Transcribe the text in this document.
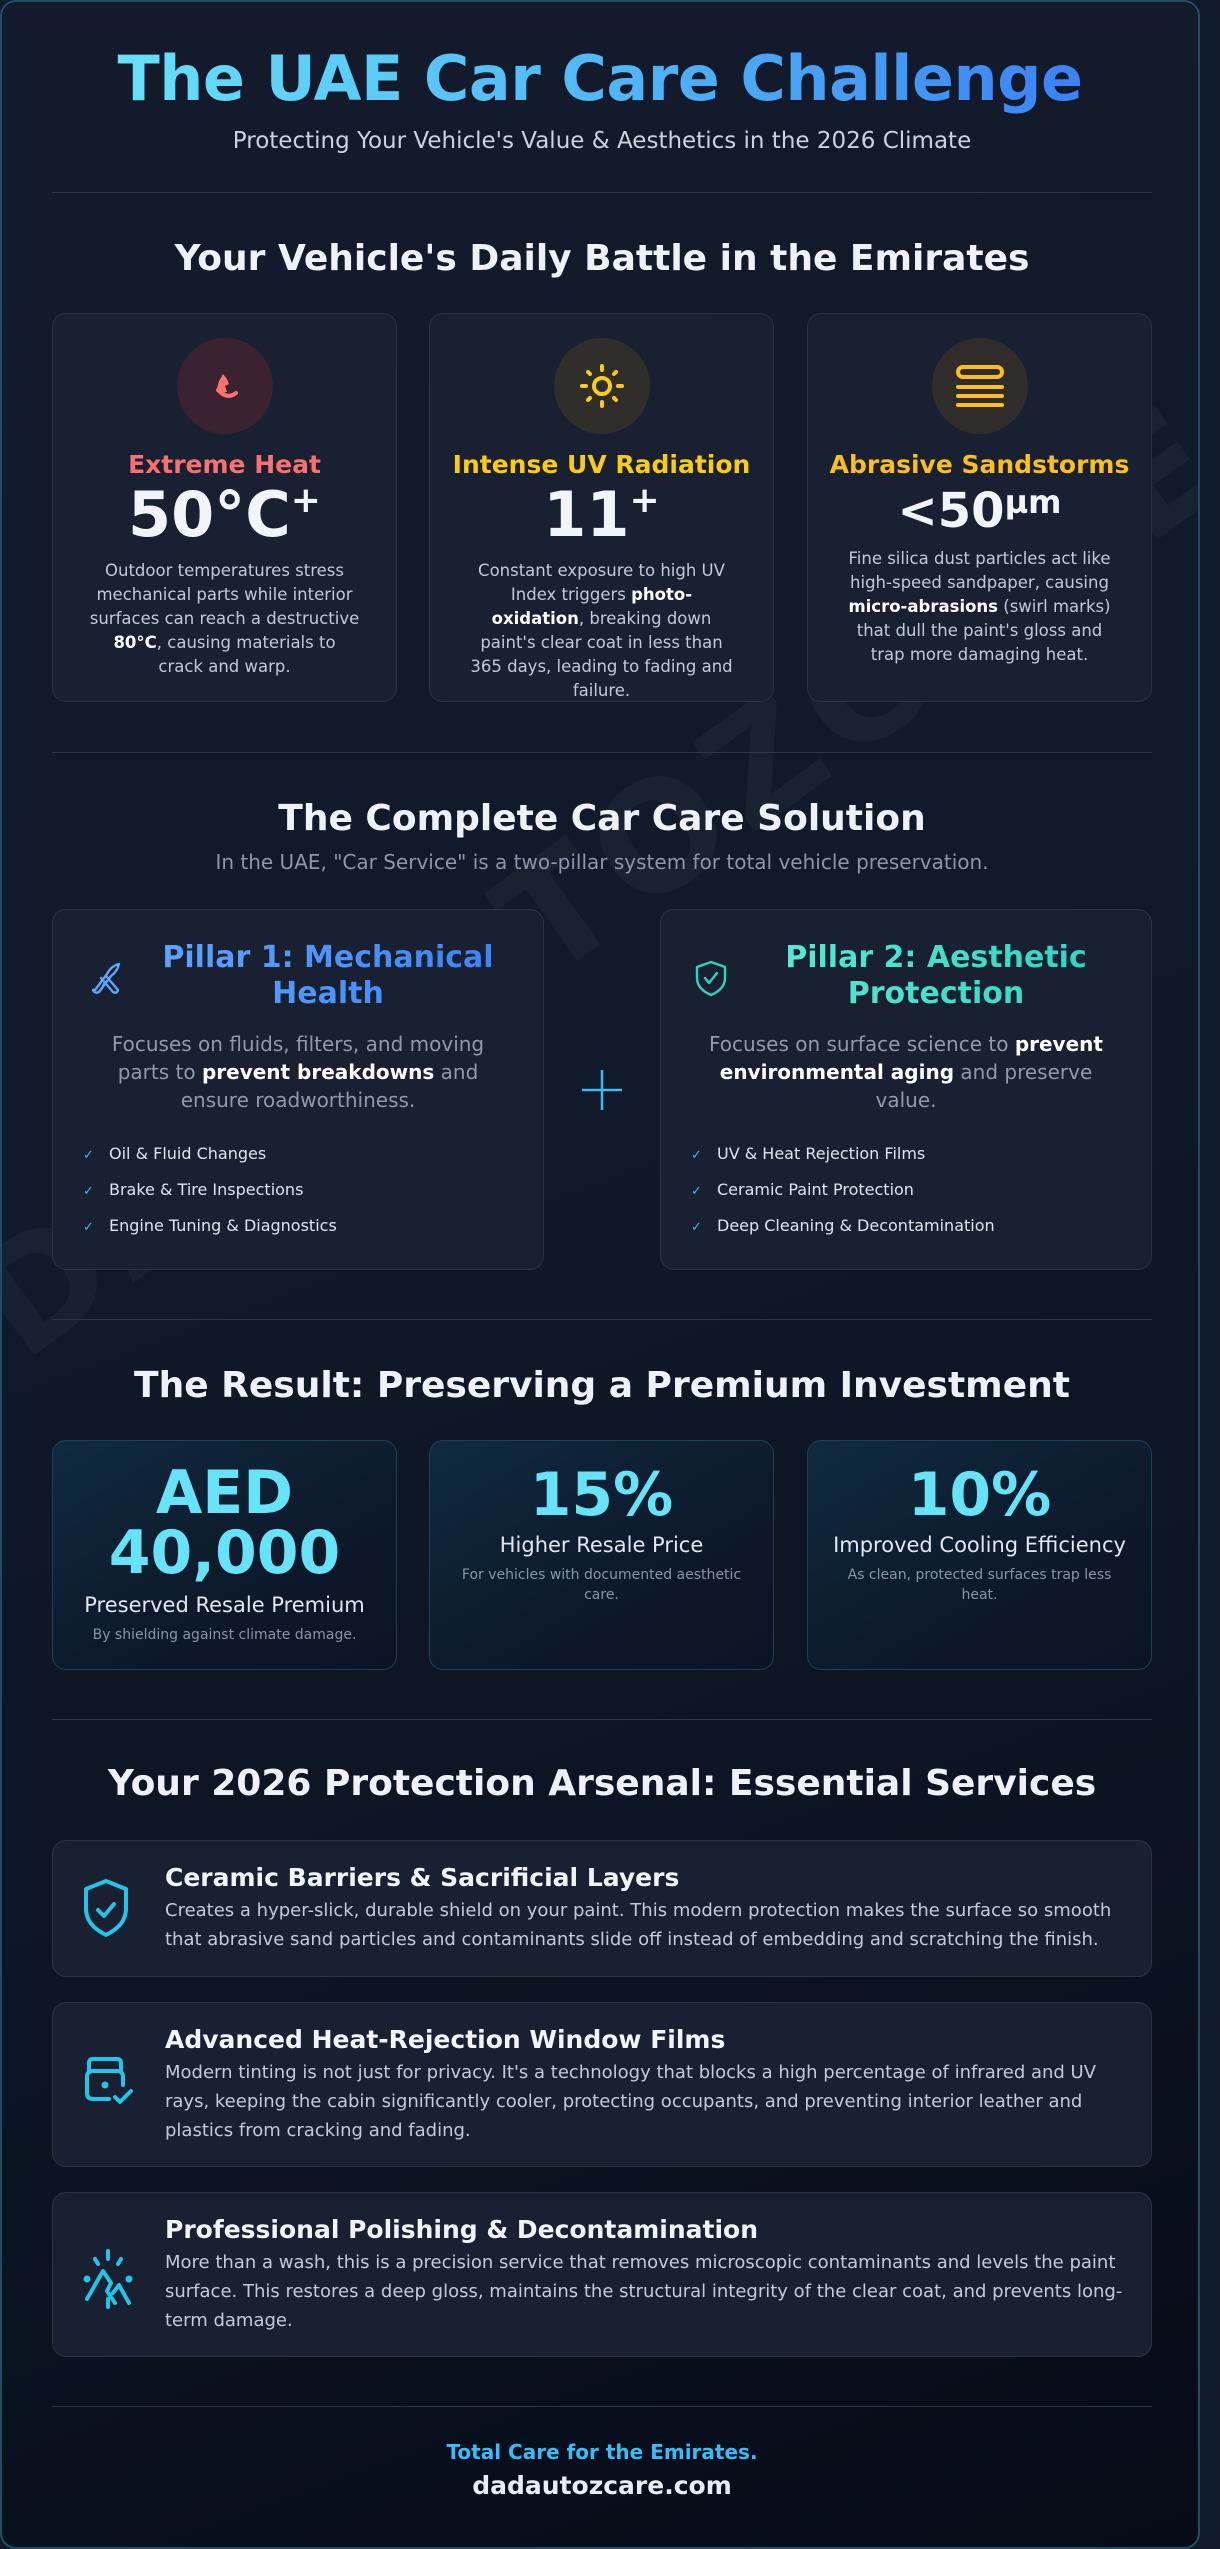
The UAE Car Care Challenge
Protecting Your Vehicle's Value & Aesthetics in the 2026 Climate
Your Vehicle's Daily Battle in the Emirates
Extreme Heat
50°C+
Outdoor temperatures stress mechanical parts while interior surfaces can reach a destructive 80°C, causing materials to crack and warp.
Intense UV Radiation
11+
Constant exposure to high UV Index triggers photo-oxidation, breaking down paint's clear coat in less than 365 days, leading to fading and failure.
Abrasive Sandstorms
$<50^{\mu m}$
Fine silica dust particles act like high-speed sandpaper, causing micro-abrasions (swirl marks) that dull the paint's gloss and trap more damaging heat.
The Complete Car Care Solution
In the UAE, "Car Service" is a two-pillar system for total vehicle preservation.
Pillar 1: Mechanical Health
Focuses on fluids, filters, and moving parts to prevent breakdowns and ensure roadworthiness.
✓ Oil & Fluid Changes
✓ Brake & Tire Inspections
✓ Engine Tuning & Diagnostics
Pillar 2: Aesthetic Protection
Focuses on surface science to prevent environmental aging and preserve value.
✓ UV & Heat Rejection Films
✓ Ceramic Paint Protection
✓ Deep Cleaning & Decontamination
The Result: Preserving a Premium Investment
AED
40,000
Preserved Resale Premium
By shielding against climate damage.
15%
Higher Resale Price
For vehicles with documented aesthetic care.
10%
Improved Cooling Efficiency
As clean, protected surfaces trap less heat.
Your 2026 Protection Arsenal: Essential Services
Ceramic Barriers & Sacrificial Layers
Creates a hyper-slick, durable shield on your paint. This modern protection makes the surface so smooth that abrasive sand particles and contaminants slide off instead of embedding and scratching the finish.
Advanced Heat-Rejection Window Films
Modern tinting is not just for privacy. It's a technology that blocks a high percentage of infrared and UV rays, keeping the cabin significantly cooler, protecting occupants, and preventing interior leather and plastics from cracking and fading.
Professional Polishing & Decontamination
More than a wash, this is a precision service that removes microscopic contaminants and levels the paint surface. This restores a deep gloss, maintains the structural integrity of the clear coat, and prevents long-term damage.
Total Care for the Emirates.
dadautozcare.com
